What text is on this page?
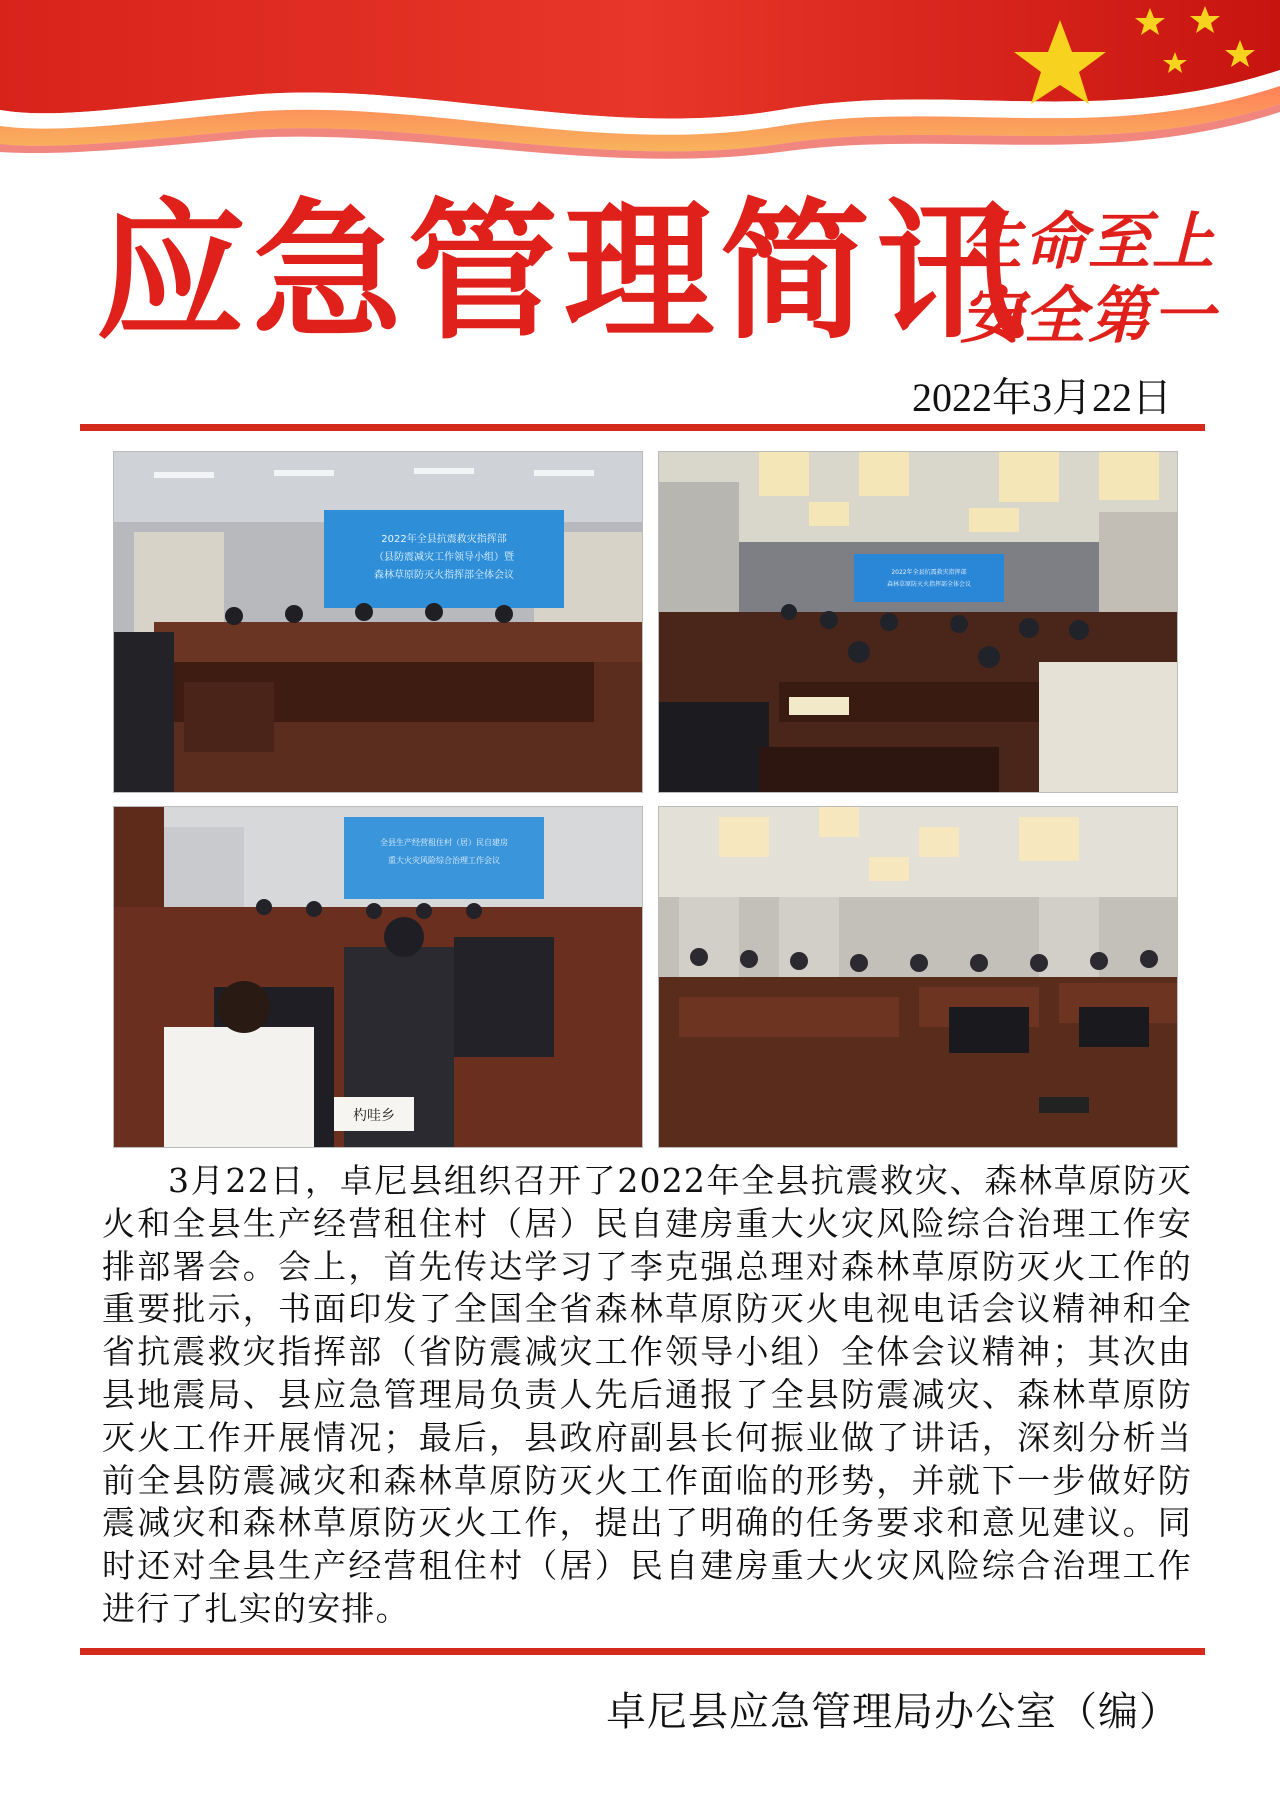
应急管理简讯
生命至上
安全第一
2022年3月22日
2022年全县抗震救灾指挥部
（县防震减灾工作领导小组）暨
森林草原防灭火指挥部全体会议	2022年全县抗震救灾指挥部
森林草原防灭火指挥部全体会议
全县生产经营租住村（居）民自建房
重大火灾风险综合治理工作会议
杓哇乡
3月22日，卓尼县组织召开了2022年全县抗震救灾、森林草原防灭火和全县生产经营租住村（居）民自建房重大火灾风险综合治理工作安排部署会。会上，首先传达学习了李克强总理对森林草原防灭火工作的重要批示，书面印发了全国全省森林草原防灭火电视电话会议精神和全省抗震救灾指挥部（省防震减灾工作领导小组）全体会议精神；其次由县地震局、县应急管理局负责人先后通报了全县防震减灾、森林草原防灭火工作开展情况；最后，县政府副县长何振业做了讲话，深刻分析当前全县防震减灾和森林草原防灭火工作面临的形势，并就下一步做好防震减灾和森林草原防灭火工作，提出了明确的任务要求和意见建议。同时还对全县生产经营租住村（居）民自建房重大火灾风险综合治理工作进行了扎实的安排。
卓尼县应急管理局办公室（编）
